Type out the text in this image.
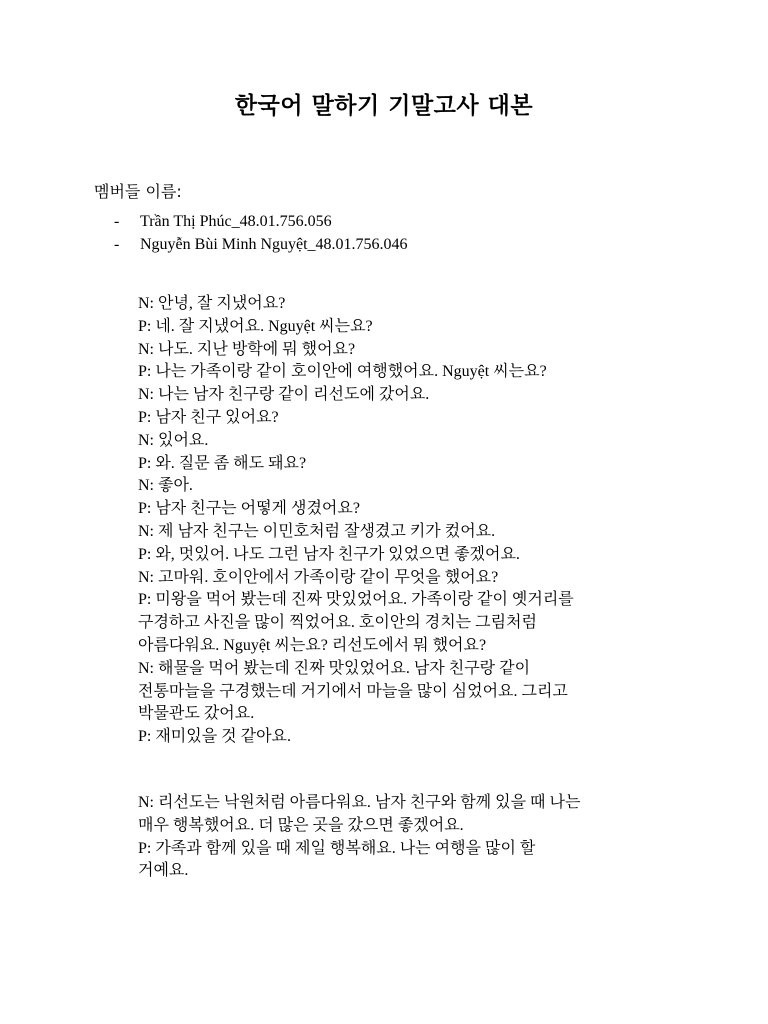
한국어 말하기 기말고사 대본
멤버들 이름:
- Trần Thị Phúc_48.01.756.056
- Nguyễn Bùi Minh Nguyệt_48.01.756.046
N: 안녕, 잘 지냈어요?
P: 네. 잘 지냈어요. Nguyệt 씨는요?
N: 나도. 지난 방학에 뭐 했어요?
P: 나는 가족이랑 같이 호이안에 여행했어요. Nguyệt 씨는요?
N: 나는 남자 친구랑 같이 리선도에 갔어요.
P: 남자 친구 있어요?
N: 있어요.
P: 와. 질문 좀 해도 돼요?
N: 좋아.
P: 남자 친구는 어떻게 생겼어요?
N: 제 남자 친구는 이민호처럼 잘생겼고 키가 컸어요.
P: 와, 멋있어. 나도 그런 남자 친구가 있었으면 좋겠어요.
N: 고마워. 호이안에서 가족이랑 같이 무엇을 했어요?
P: 미왕을 먹어 봤는데 진짜 맛있었어요. 가족이랑 같이 옛거리를
구경하고 사진을 많이 찍었어요. 호이안의 경치는 그림처럼
아름다워요. Nguyệt 씨는요? 리선도에서 뭐 했어요?
N: 해물을 먹어 봤는데 진짜 맛있었어요. 남자 친구랑 같이
전통마늘을 구경했는데 거기에서 마늘을 많이 심었어요. 그리고
박물관도 갔어요.
P: 재미있을 것 같아요.
N: 리선도는 낙원처럼 아름다워요. 남자 친구와 함께 있을 때 나는
매우 행복했어요. 더 많은 곳을 갔으면 좋겠어요.
P: 가족과 함께 있을 때 제일 행복해요. 나는 여행을 많이 할
거예요.
